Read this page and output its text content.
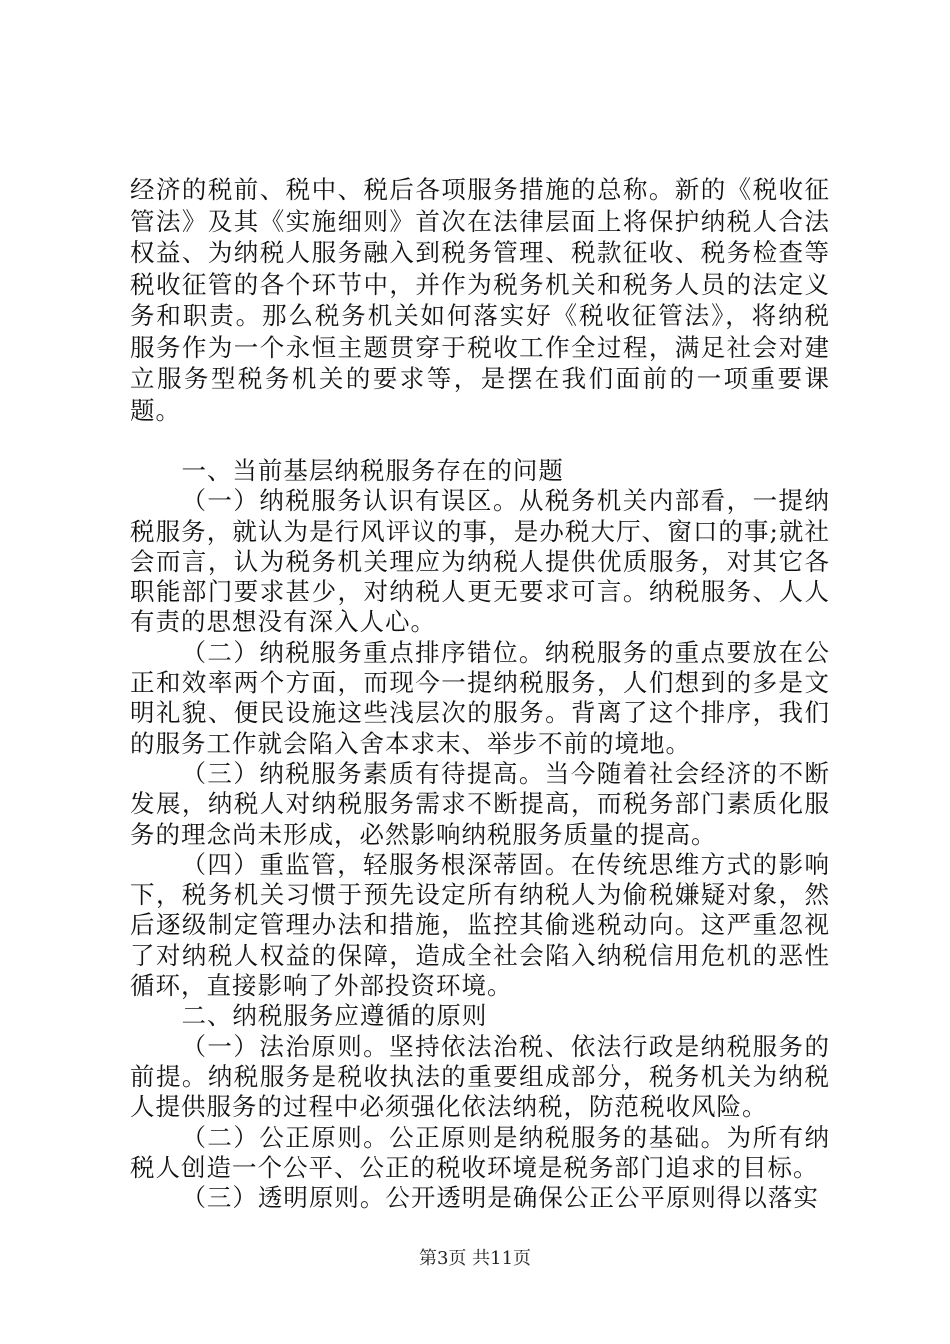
经济的税前、税中、税后各项服务措施的总称。新的《税收征管法》及其《实施细则》首次在法律层面上将保护纳税人合法权益、为纳税人服务融入到税务管理、税款征收、税务检查等税收征管的各个环节中，并作为税务机关和税务人员的法定义务和职责。那么税务机关如何落实好《税收征管法》，将纳税服务作为一个永恒主题贯穿于税收工作全过程，满足社会对建立服务型税务机关的要求等，是摆在我们面前的一项重要课题。

一、当前基层纳税服务存在的问题

（一）纳税服务认识有误区。从税务机关内部看，一提纳税服务，就认为是行风评议的事，是办税大厅、窗口的事;就社会而言，认为税务机关理应为纳税人提供优质服务，对其它各职能部门要求甚少，对纳税人更无要求可言。纳税服务、人人有责的思想没有深入人心。

（二）纳税服务重点排序错位。纳税服务的重点要放在公正和效率两个方面，而现今一提纳税服务，人们想到的多是文明礼貌、便民设施这些浅层次的服务。背离了这个排序，我们的服务工作就会陷入舍本求末、举步不前的境地。

（三）纳税服务素质有待提高。当今随着社会经济的不断发展，纳税人对纳税服务需求不断提高，而税务部门素质化服务的理念尚未形成，必然影响纳税服务质量的提高。

（四）重监管，轻服务根深蒂固。在传统思维方式的影响下，税务机关习惯于预先设定所有纳税人为偷税嫌疑对象，然后逐级制定管理办法和措施，监控其偷逃税动向。这严重忽视了对纳税人权益的保障，造成全社会陷入纳税信用危机的恶性循环，直接影响了外部投资环境。

二、纳税服务应遵循的原则

（一）法治原则。坚持依法治税、依法行政是纳税服务的前提。纳税服务是税收执法的重要组成部分，税务机关为纳税人提供服务的过程中必须强化依法纳税，防范税收风险。

（二）公正原则。公正原则是纳税服务的基础。为所有纳税人创造一个公平、公正的税收环境是税务部门追求的目标。

（三）透明原则。公开透明是确保公正公平原则得以落实

第3页 共11页
